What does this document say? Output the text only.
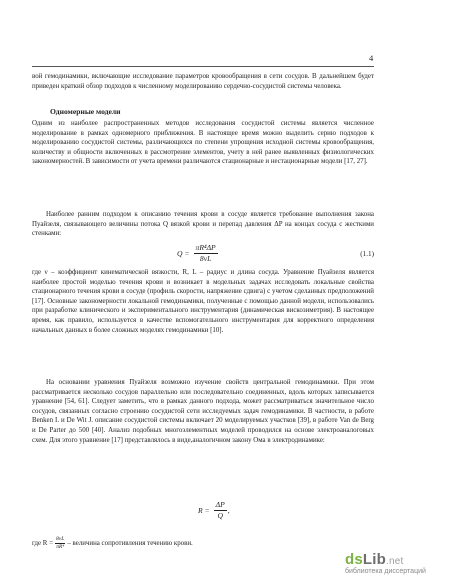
4

вой гемодинамики, включающие исследование параметров кровообращения в сети сосудов. В дальнейшем будет приведен краткий обзор подходов к численному моделированию сердечно-сосудистой системы человека.

Одномерные модели

Одним из наиболее распространенных методов исследования сосудистой системы является численное моделирование в рамках одномерного приближения. В настоящее время можно выделить серию подходов к моделированию сосудистой системы, различающихся по степени упрощения исходной системы кровообращения, количеству и общности включенных в рассмотрение элементов, учету в ней ранее выявленных физиологических закономерностей. В зависимости от учета времени различаются стационарные и нестационарные модели [17, 27].

Наиболее ранним подходом к описанию течения крови в сосуде является требование выполнения закона Пуайзеля, связывающего величины потока Q вязкой крови и перепад давления ΔP на концах сосуда с жесткими стенками:

$Q = \frac{\text{πR⁴ΔP}}{8\nu L}$	(1.1)

где ν – коэффициент кинематической вязкости, R, L – радиус и длина сосуда. Уравнение Пуайзеля является наиболее простой моделью течения крови и возникает в модельных задачах исследовать локальные свойства стационарного течения крови в сосуде (профиль скорости, напряжение сдвига) с учетом сделанных предположений [17]. Основные закономерности локальной гемодинамики, полученные с помощью данной модели, использовались при разработке клинического и экспериментального инструментария (динамическая вискозиметрия). В настоящее время, как правило, используется в качестве вспомогательного инструментария для корректного определения начальных данных в более сложных моделях гемодинамики [10].

На основании уравнения Пуайзеля возможно изучение свойств центральной гемодинамики. При этом рассматривается несколько сосудов параллельно или последовательно соединенных, вдоль которых записывается уравнение [54, 61]. Следует заметить, что в рамках данного подхода, может рассматриваться значительное число сосудов, связанных согласно строению сосудистой сети исследуемых задач гемодинамики. В частности, в работе Benken I. и De Wit J. описание сосудистой системы включает 20 моделируемых участков [39], в работе Van de Berg и De Parter до 500 [40]. Анализ подобных многоэлементных моделей проводился на основе электроаналоговых схем. Для этого уравнение [17] представлялось в виде,аналогичном закону Ома в электродинамике:

$R = \frac{\Delta P}{Q}$ ,
где $R = \frac{8\nu L}{\text{πR⁴}}$ – величина сопротивления течению крови.
dsLib.net
библиотека диссертаций
